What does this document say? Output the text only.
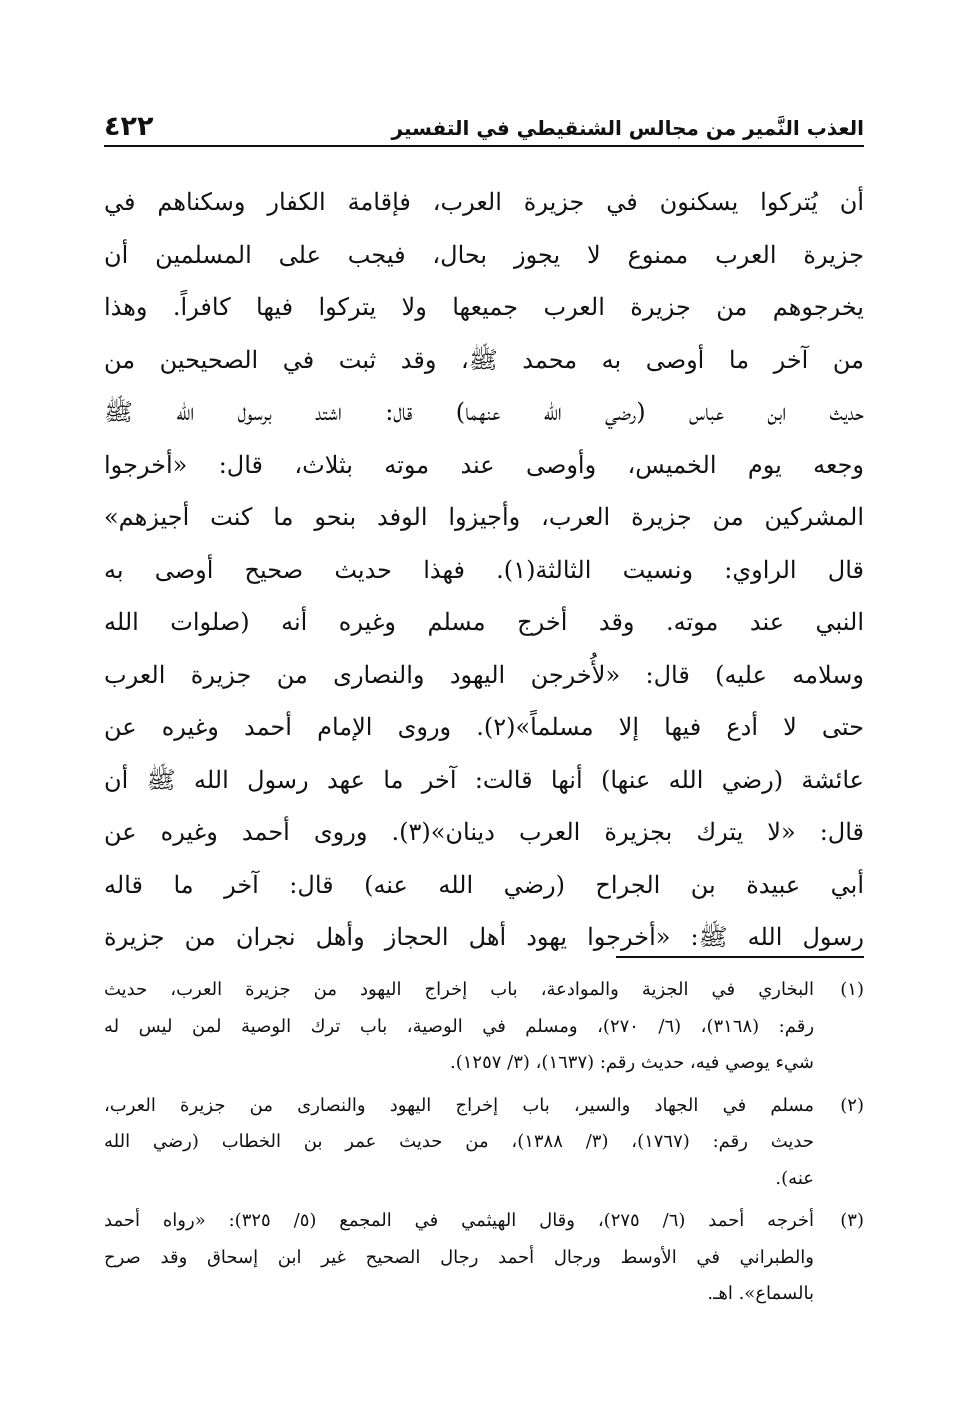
العذب النَّمير من مجالس الشنقيطي في التفسير
٤٢٢
أن يُتركوا يسكنون في جزيرة العرب، فإقامة الكفار وسكناهم في
جزيرة العرب ممنوع لا يجوز بحال، فيجب على المسلمين أن
يخرجوهم من جزيرة العرب جميعها ولا يتركوا فيها كافراً. وهذا
من آخر ما أوصى به محمد ﷺ، وقد ثبت في الصحيحين من
حديث ابن عباس (رضي الله عنهما) قال: اشتد برسول الله ﷺ
وجعه يوم الخميس، وأوصى عند موته بثلاث، قال: «أخرجوا
المشركين من جزيرة العرب، وأجيزوا الوفد بنحو ما كنت أجيزهم»
قال الراوي: ونسيت الثالثة(١). فهذا حديث صحيح أوصى به
النبي عند موته. وقد أخرج مسلم وغيره أنه (صلوات الله
وسلامه عليه) قال: «لأُخرجن اليهود والنصارى من جزيرة العرب
حتى لا أدع فيها إلا مسلماً»(٢). وروى الإمام أحمد وغيره عن
عائشة (رضي الله عنها) أنها قالت: آخر ما عهد رسول الله ﷺ أن
قال: «لا يترك بجزيرة العرب دينان»(٣). وروى أحمد وغيره عن
أبي عبيدة بن الجراح (رضي الله عنه) قال: آخر ما قاله
رسول الله ﷺ: «أخرجوا يهود أهل الحجاز وأهل نجران من جزيرة
(١)
البخاري في الجزية والموادعة، باب إخراج اليهود من جزيرة العرب، حديث
رقم: (٣١٦٨)، (٦/ ٢٧٠)، ومسلم في الوصية، باب ترك الوصية لمن ليس له
شيء يوصي فيه، حديث رقم: (١٦٣٧)، (٣/ ١٢٥٧).
(٢)
مسلم في الجهاد والسير، باب إخراج اليهود والنصارى من جزيرة العرب،
حديث رقم: (١٧٦٧)، (٣/ ١٣٨٨)، من حديث عمر بن الخطاب (رضي الله
عنه).
(٣)
أخرجه أحمد (٦/ ٢٧٥)، وقال الهيثمي في المجمع (٥/ ٣٢٥): «رواه أحمد
والطبراني في الأوسط ورجال أحمد رجال الصحيح غير ابن إسحاق وقد صرح
بالسماع». اهـ.
